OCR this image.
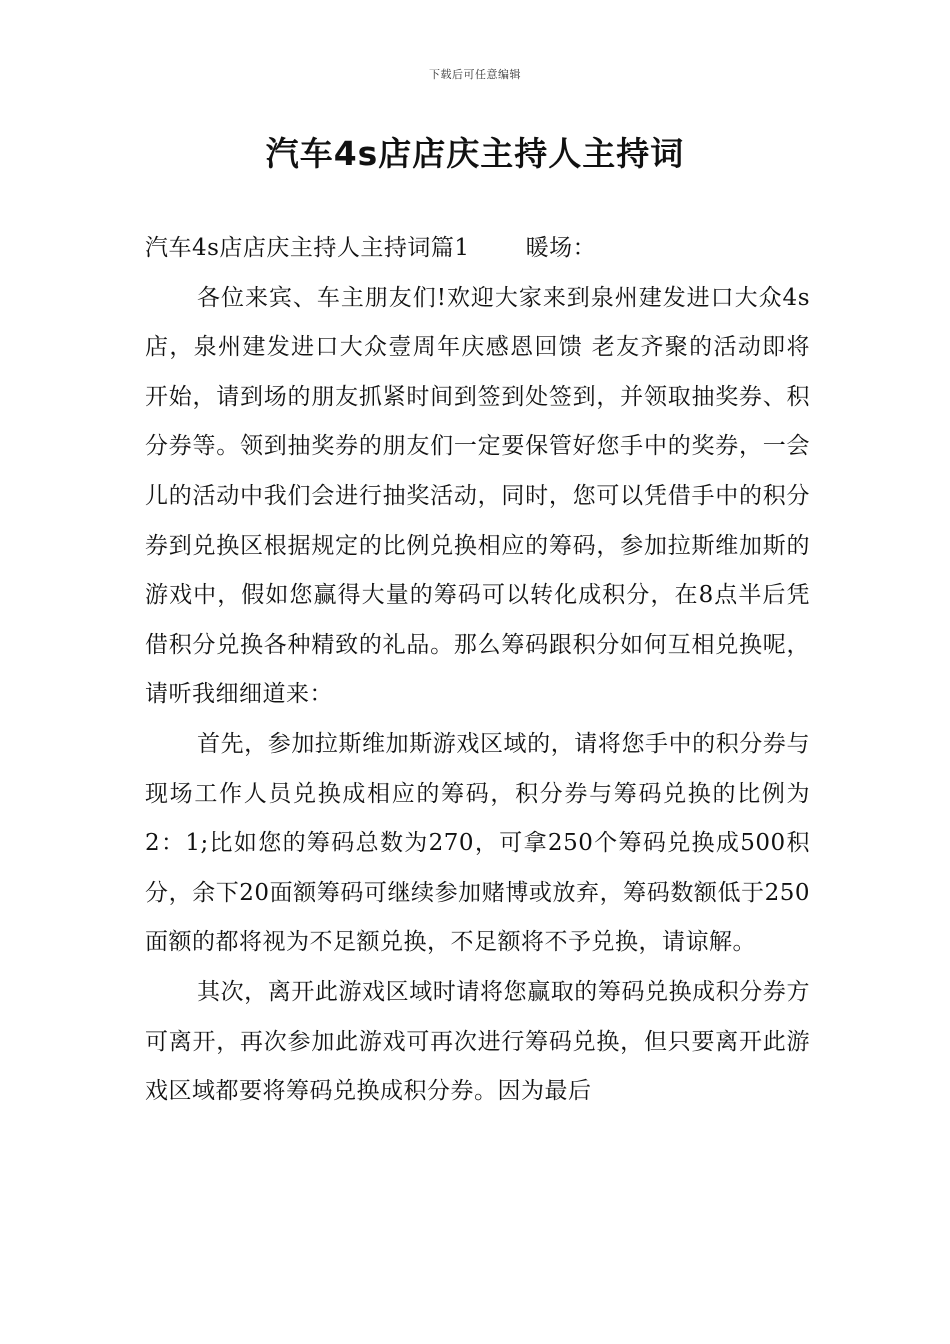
下载后可任意编辑
汽车4s店店庆主持人主持词
汽车4s店店庆主持人主持词篇1 暖场：

各位来宾、车主朋友们!欢迎大家来到泉州建发进口大众4s店，泉州建发进口大众壹周年庆感恩回馈 老友齐聚的活动即将开始，请到场的朋友抓紧时间到签到处签到，并领取抽奖券、积分券等。领到抽奖券的朋友们一定要保管好您手中的奖券，一会儿的活动中我们会进行抽奖活动，同时，您可以凭借手中的积分券到兑换区根据规定的比例兑换相应的筹码，参加拉斯维加斯的游戏中，假如您赢得大量的筹码可以转化成积分，在8点半后凭借积分兑换各种精致的礼品。那么筹码跟积分如何互相兑换呢，请听我细细道来：

首先，参加拉斯维加斯游戏区域的，请将您手中的积分券与现场工作人员兑换成相应的筹码，积分券与筹码兑换的比例为2：1;比如您的筹码总数为270，可拿250个筹码兑换成500积分，余下20面额筹码可继续参加赌博或放弃，筹码数额低于250面额的都将视为不足额兑换，不足额将不予兑换，请谅解。

其次，离开此游戏区域时请将您赢取的筹码兑换成积分券方可离开，再次参加此游戏可再次进行筹码兑换，但只要离开此游戏区域都要将筹码兑换成积分券。因为最后
